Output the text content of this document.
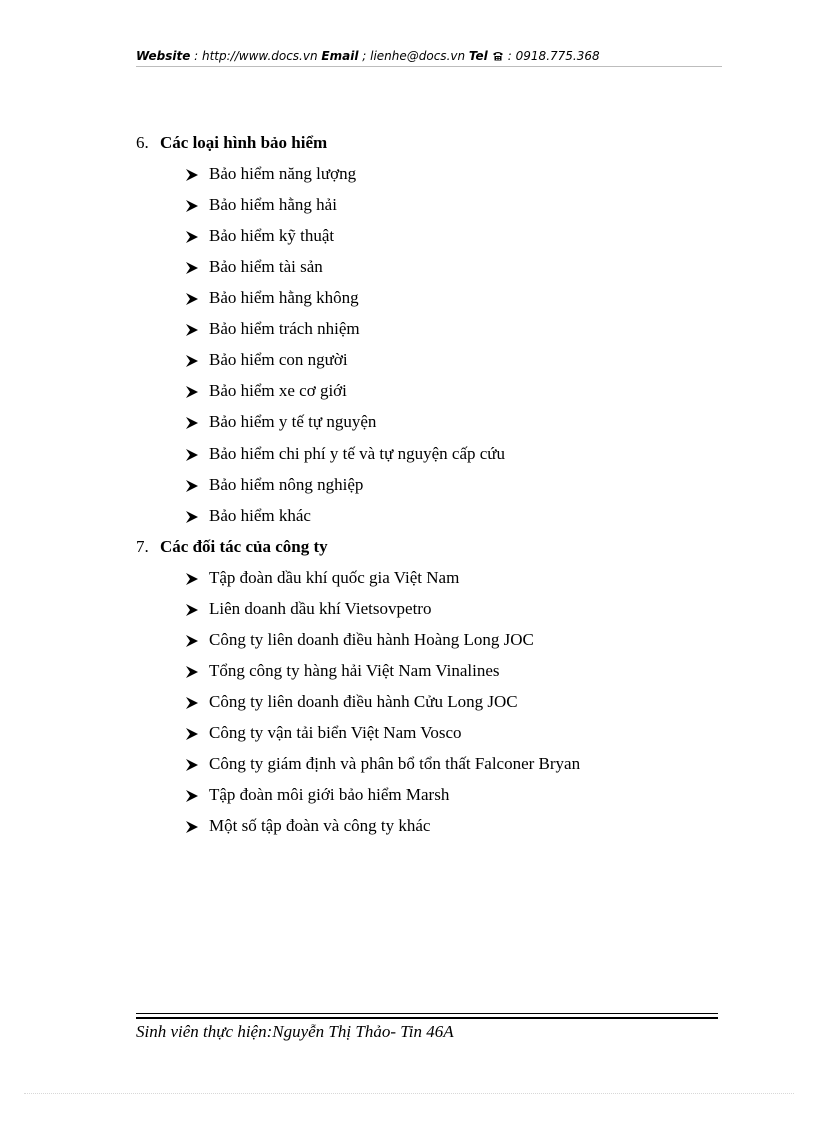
Website : http://www.docs.vn Email ; lienhe@docs.vn Tel  : 0918.775.368
6. Các loại hình bảo hiểm
Bảo hiểm năng lượng
Bảo hiểm hằng hải
Bảo hiểm kỹ thuật
Bảo hiểm tài sản
Bảo hiểm hằng không
Bảo hiểm trách nhiệm
Bảo hiểm con người
Bảo hiểm xe cơ giới
Bảo hiểm y tế tự nguyện
Bảo hiểm chi phí y tế và tự nguyện cấp cứu
Bảo hiểm nông nghiệp
Bảo hiểm khác
7. Các đối tác của công ty
Tập đoàn dầu khí quốc gia Việt Nam
Liên doanh dầu khí Vietsovpetro
Công ty liên doanh điều hành Hoàng Long JOC
Tổng công ty hàng hải Việt Nam Vinalines
Công ty liên doanh điều hành Cửu Long JOC
Công ty vận tải biển Việt Nam Vosco
Công ty giám định và phân bổ tổn thất Falconer Bryan
Tập đoàn môi giới bảo hiểm Marsh
Một số tập đoàn và công ty khác
Sinh viên thực hiện:Nguyễn Thị Thảo- Tin 46A
